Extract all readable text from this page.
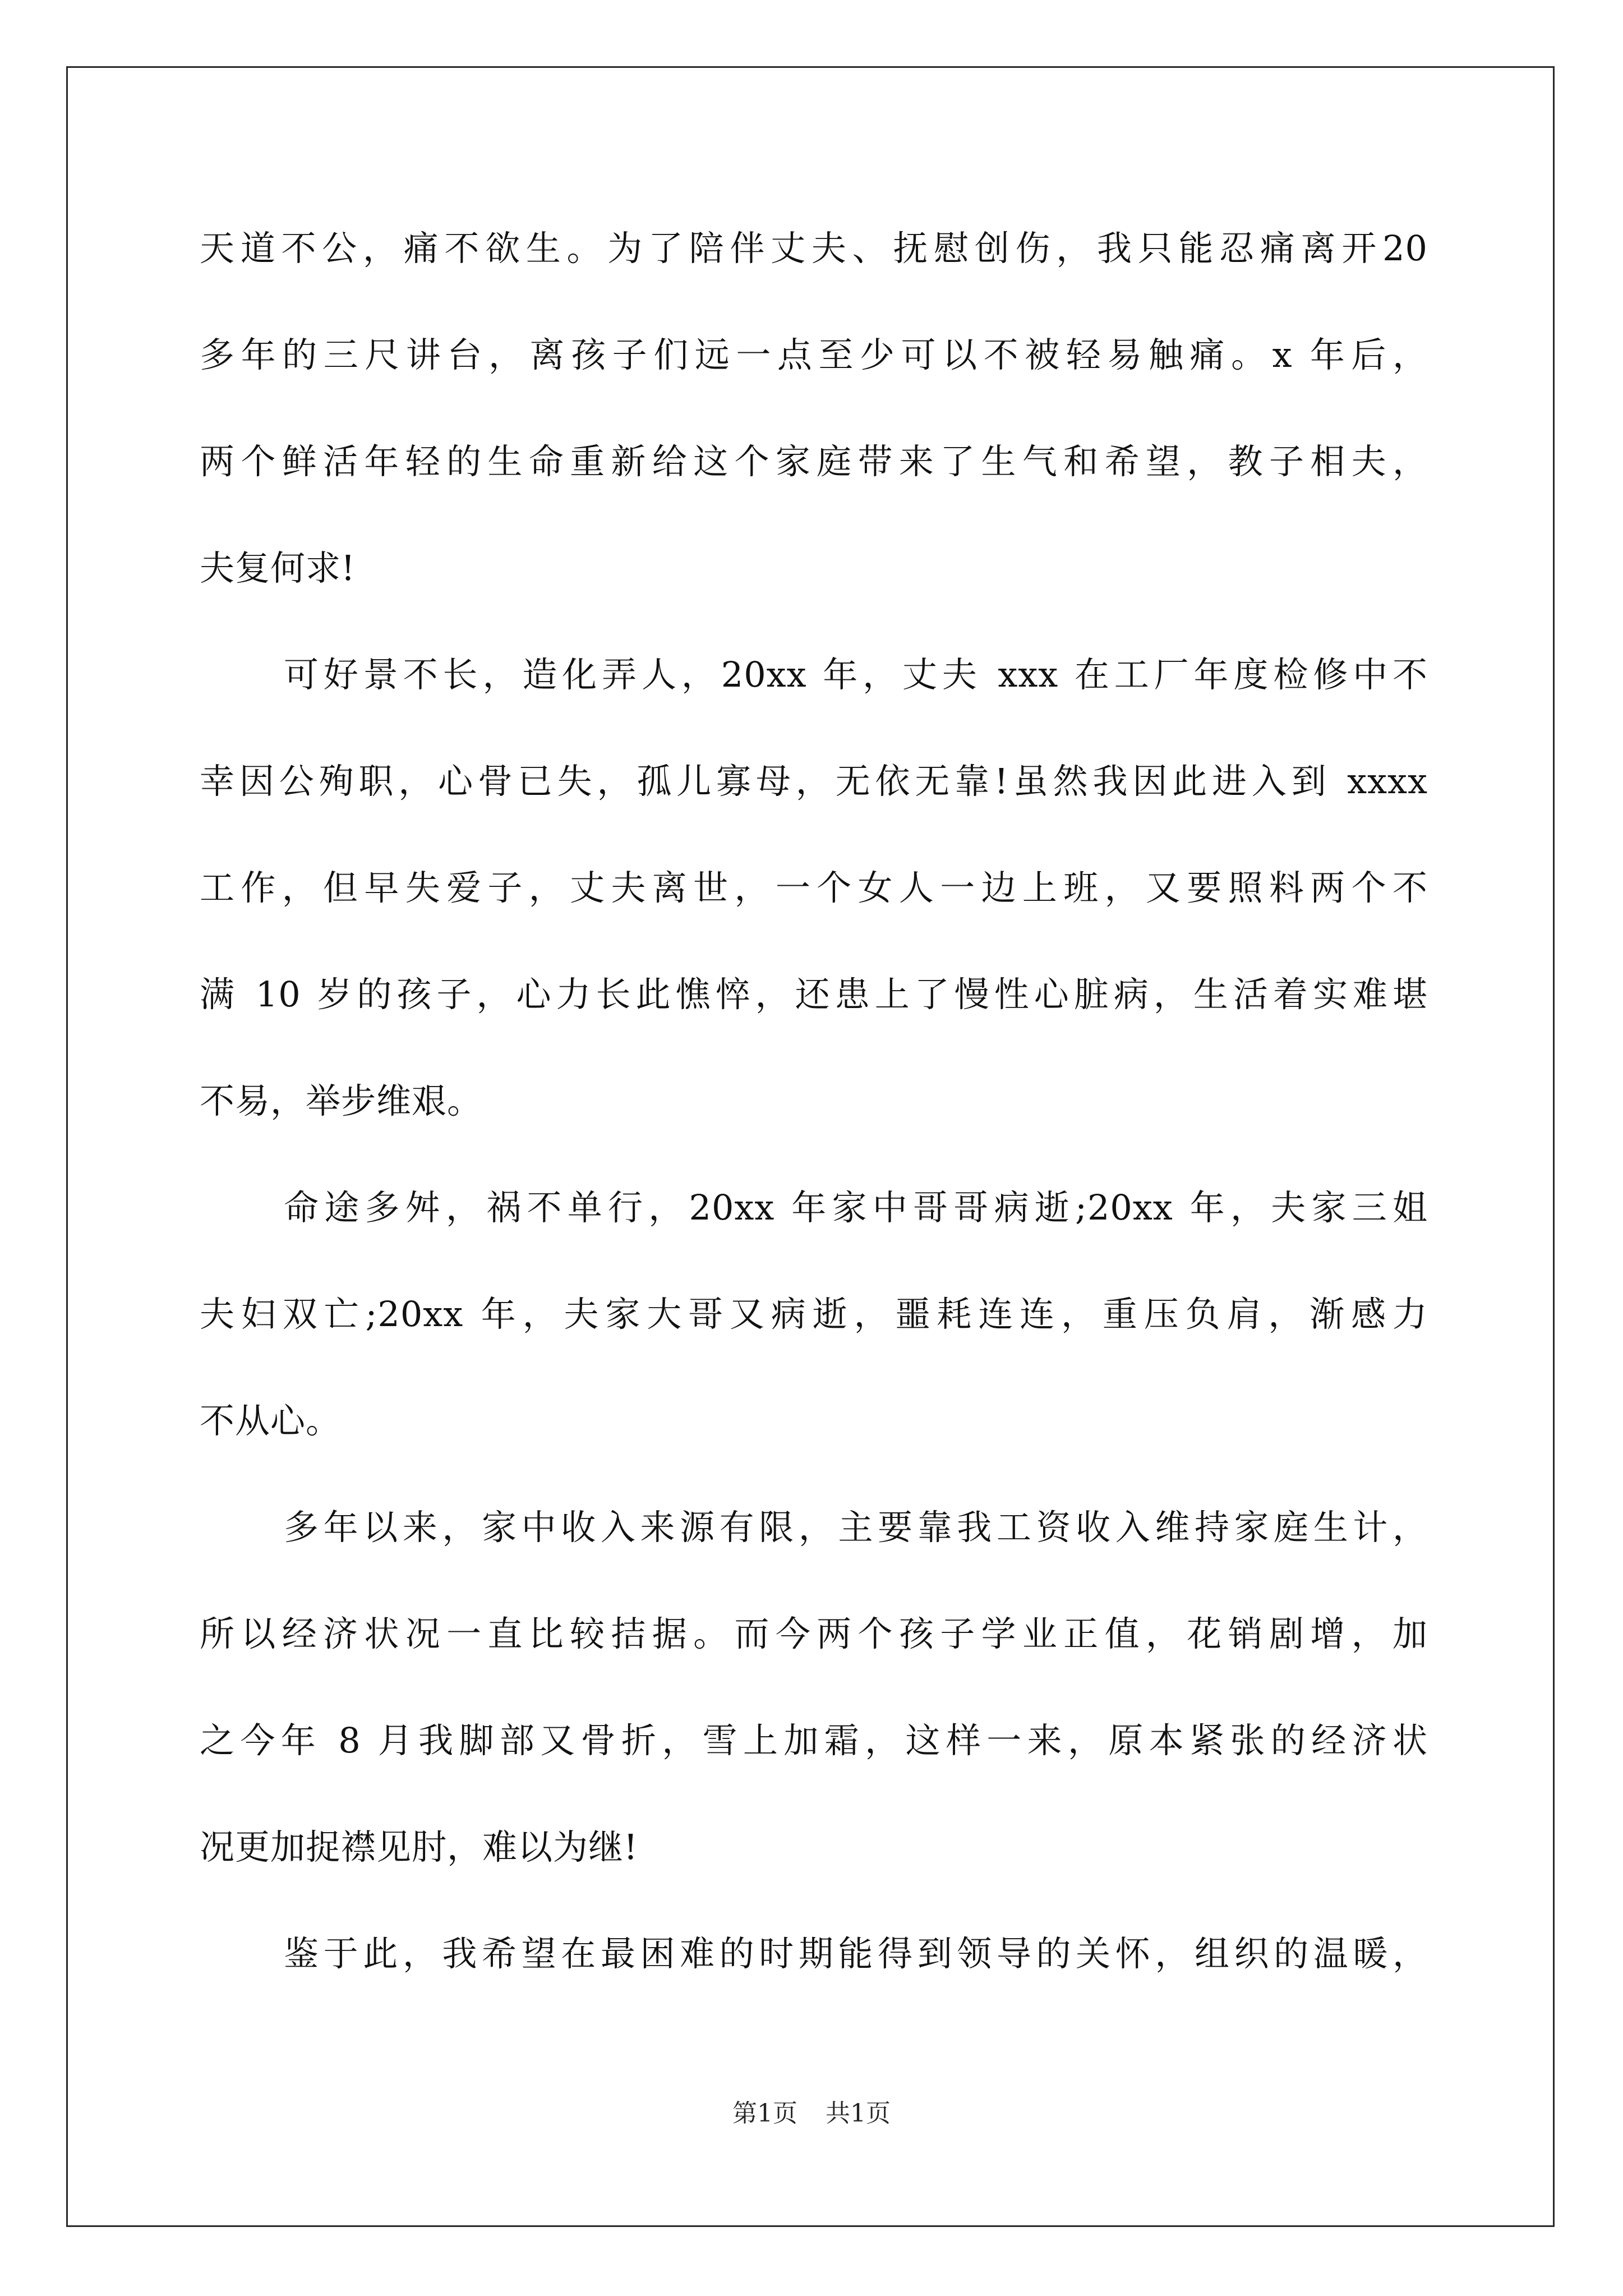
天道不公，痛不欲生。为了陪伴丈夫、抚慰创伤，我只能忍痛离开20
多年的三尺讲台，离孩子们远一点至少可以不被轻易触痛。x 年后，
两个鲜活年轻的生命重新给这个家庭带来了生气和希望，教子相夫，
夫复何求!
可好景不长，造化弄人，20xx 年，丈夫 xxx 在工厂年度检修中不
幸因公殉职，心骨已失，孤儿寡母，无依无靠!虽然我因此进入到 xxxx
工作，但早失爱子，丈夫离世，一个女人一边上班，又要照料两个不
满 10 岁的孩子，心力长此憔悴，还患上了慢性心脏病，生活着实难堪
不易，举步维艰。
命途多舛，祸不单行，20xx 年家中哥哥病逝;20xx 年，夫家三姐
夫妇双亡;20xx 年，夫家大哥又病逝，噩耗连连，重压负肩，渐感力
不从心。
多年以来，家中收入来源有限，主要靠我工资收入维持家庭生计，
所以经济状况一直比较拮据。而今两个孩子学业正值，花销剧增，加
之今年 8 月我脚部又骨折，雪上加霜，这样一来，原本紧张的经济状
况更加捉襟见肘，难以为继!
鉴于此，我希望在最困难的时期能得到领导的关怀，组织的温暖，
第1页 共1页
